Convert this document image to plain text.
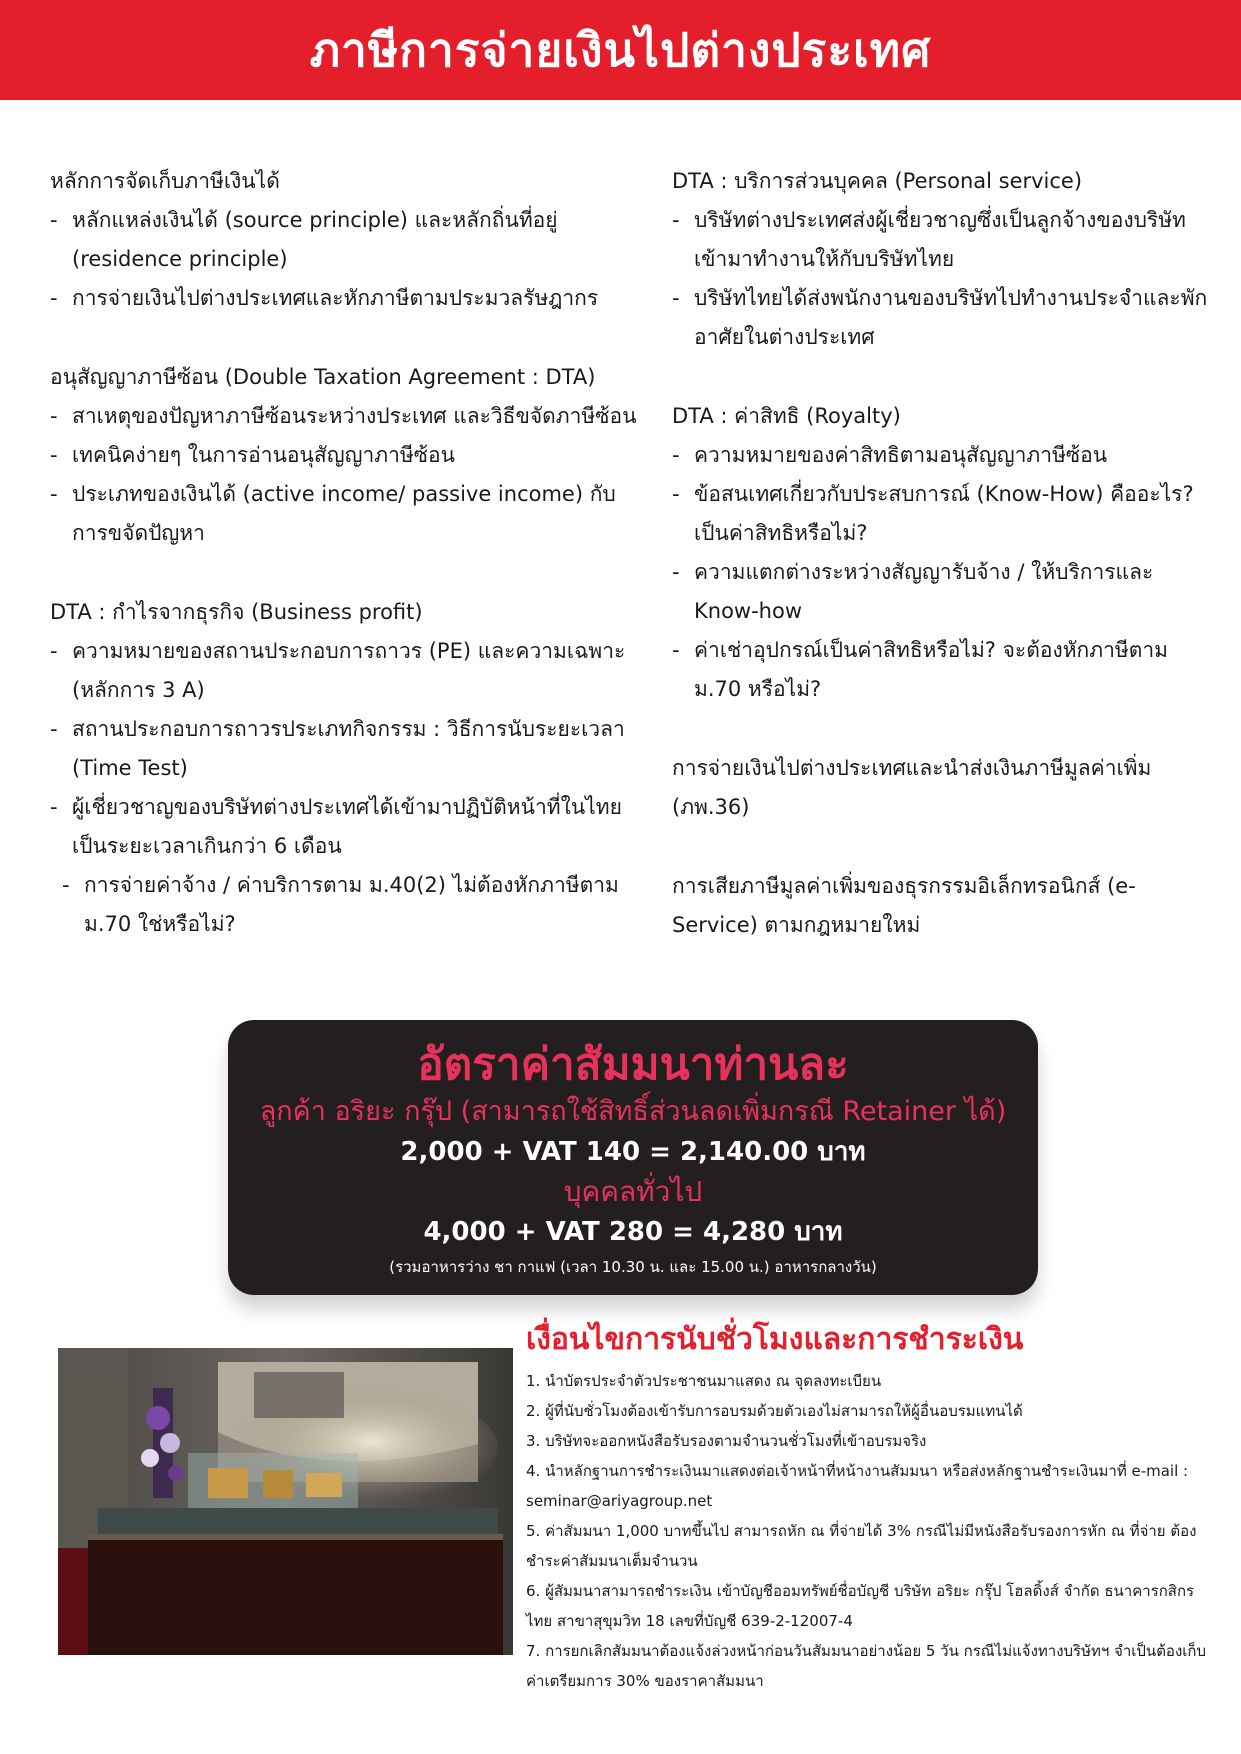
ภาษีการจ่ายเงินไปต่างประเทศ

หลักการจัดเก็บภาษีเงินได้

- หลักแหล่งเงินได้ (source principle) และหลักถิ่นที่อยู่ (residence principle)

- การจ่ายเงินไปต่างประเทศและหักภาษีตามประมวลรัษฎากร

อนุสัญญาภาษีซ้อน (Double Taxation Agreement : DTA)

- สาเหตุของปัญหาภาษีซ้อนระหว่างประเทศ และวิธีขจัดภาษีซ้อน

- เทคนิคง่ายๆ ในการอ่านอนุสัญญาภาษีซ้อน

- ประเภทของเงินได้ (active income/ passive income) กับการขจัดปัญหา

DTA : กำไรจากธุรกิจ (Business profit)

- ความหมายของสถานประกอบการถาวร (PE) และความเฉพาะ (หลักการ 3 A)

- สถานประกอบการถาวรประเภทกิจกรรม : วิธีการนับระยะเวลา (Time Test)

- ผู้เชี่ยวชาญของบริษัทต่างประเทศได้เข้ามาปฏิบัติหน้าที่ในไทยเป็นระยะเวลาเกินกว่า 6 เดือน

- การจ่ายค่าจ้าง / ค่าบริการตาม ม.40(2) ไม่ต้องหักภาษีตาม ม.70 ใช่หรือไม่?

DTA : บริการส่วนบุคคล (Personal service)

- บริษัทต่างประเทศส่งผู้เชี่ยวชาญซึ่งเป็นลูกจ้างของบริษัท เข้ามาทำงานให้กับบริษัทไทย

- บริษัทไทยได้ส่งพนักงานของบริษัทไปทำงานประจำและพักอาศัยในต่างประเทศ

DTA : ค่าสิทธิ (Royalty)

- ความหมายของค่าสิทธิตามอนุสัญญาภาษีซ้อน

- ข้อสนเทศเกี่ยวกับประสบการณ์ (Know-How) คืออะไร? เป็นค่าสิทธิหรือไม่?

- ความแตกต่างระหว่างสัญญารับจ้าง / ให้บริการและ Know-how

- ค่าเช่าอุปกรณ์เป็นค่าสิทธิหรือไม่? จะต้องหักภาษีตาม ม.70 หรือไม่?

การจ่ายเงินไปต่างประเทศและนำส่งเงินภาษีมูลค่าเพิ่ม (ภพ.36)

การเสียภาษีมูลค่าเพิ่มของธุรกรรมอิเล็กทรอนิกส์ (e-Service) ตามกฎหมายใหม่

อัตราค่าสัมมนาท่านละ
ลูกค้า อริยะ กรุ๊ป (สามารถใช้สิทธิ์ส่วนลดเพิ่มกรณี Retainer ได้)
2,000 + VAT 140 = 2,140.00 บาท
บุคคลทั่วไป
4,000 + VAT 280 = 4,280 บาท
(รวมอาหารว่าง ชา กาแฟ (เวลา 10.30 น. และ 15.00 น.) อาหารกลางวัน)

เงื่อนไขการนับชั่วโมงและการชำระเงิน

1. นำบัตรประจำตัวประชาชนมาแสดง ณ จุดลงทะเบียน

2. ผู้ที่นับชั่วโมงต้องเข้ารับการอบรมด้วยตัวเองไม่สามารถให้ผู้อื่นอบรมแทนได้

3. บริษัทจะออกหนังสือรับรองตามจำนวนชั่วโมงที่เข้าอบรมจริง

4. นำหลักฐานการชำระเงินมาแสดงต่อเจ้าหน้าที่หน้างานสัมมนา หรือส่งหลักฐานชำระเงินมาที่ e-mail : seminar@ariyagroup.net

5. ค่าสัมมนา 1,000 บาทขึ้นไป สามารถหัก ณ ที่จ่ายได้ 3% กรณีไม่มีหนังสือรับรองการหัก ณ ที่จ่าย ต้องชำระค่าสัมมนาเต็มจำนวน

6. ผู้สัมมนาสามารถชำระเงิน เข้าบัญชีออมทรัพย์ชื่อบัญชี บริษัท อริยะ กรุ๊ป โฮลดิ้งส์ จำกัด ธนาคารกสิกรไทย สาขาสุขุมวิท 18 เลขที่บัญชี 639-2-12007-4

7. การยกเลิกสัมมนาต้องแจ้งล่วงหน้าก่อนวันสัมมนาอย่างน้อย 5 วัน กรณีไม่แจ้งทางบริษัทฯ จำเป็นต้องเก็บค่าเตรียมการ 30% ของราคาสัมมนา
